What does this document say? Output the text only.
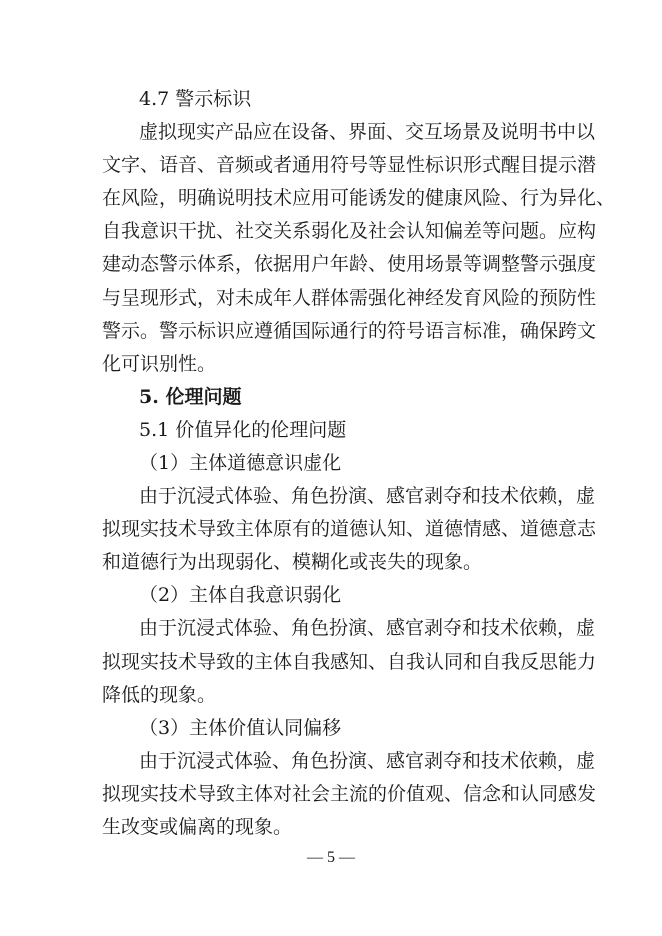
4.7 警示标识
虚拟现实产品应在设备、界面、交互场景及说明书中以
文字、语音、音频或者通用符号等显性标识形式醒目提示潜
在风险，明确说明技术应用可能诱发的健康风险、行为异化、
自我意识干扰、社交关系弱化及社会认知偏差等问题。应构
建动态警示体系，依据用户年龄、使用场景等调整警示强度
与呈现形式，对未成年人群体需强化神经发育风险的预防性
警示。警示标识应遵循国际通行的符号语言标准，确保跨文
化可识别性。
5. 伦理问题
5.1 价值异化的伦理问题
（1）主体道德意识虚化
由于沉浸式体验、角色扮演、感官剥夺和技术依赖，虚
拟现实技术导致主体原有的道德认知、道德情感、道德意志
和道德行为出现弱化、模糊化或丧失的现象。
（2）主体自我意识弱化
由于沉浸式体验、角色扮演、感官剥夺和技术依赖，虚
拟现实技术导致的主体自我感知、自我认同和自我反思能力
降低的现象。
（3）主体价值认同偏移
由于沉浸式体验、角色扮演、感官剥夺和技术依赖，虚
拟现实技术导致主体对社会主流的价值观、信念和认同感发
生改变或偏离的现象。
— 5 —
